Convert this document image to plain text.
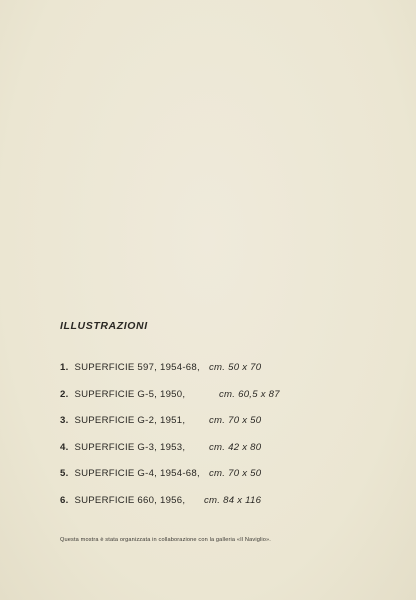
ILLUSTRAZIONI
1. SUPERFICIE 597, 1954-68, cm. 50 x 70
2. SUPERFICIE G-5, 1950,	cm. 60,5 x 87
3. SUPERFICIE G-2, 1951, cm. 70 x 50
4. SUPERFICIE G-3, 1953, cm. 42 x 80
5. SUPERFICIE G-4, 1954-68, cm. 70 x 50
6. SUPERFICIE 660, 1956, cm. 84 x 116
Questa mostra è stata organizzata in collaborazione con la galleria «Il Naviglio».
